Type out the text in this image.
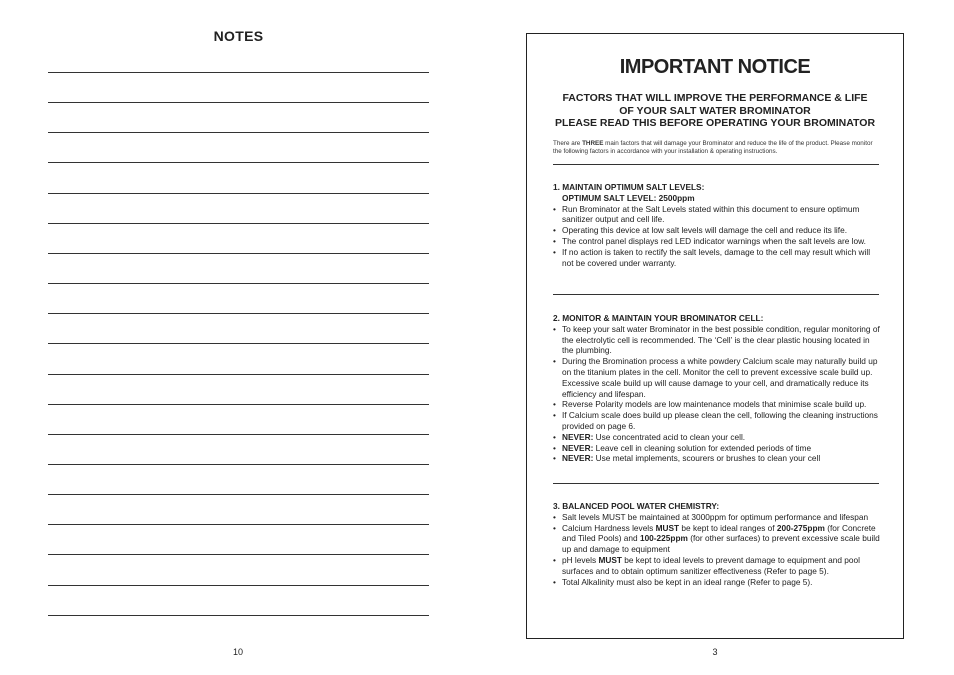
NOTES
10
IMPORTANT NOTICE
FACTORS THAT WILL IMPROVE THE PERFORMANCE & LIFE
OF YOUR SALT WATER BROMINATOR
PLEASE READ THIS BEFORE OPERATING YOUR BROMINATOR
There are THREE main factors that will damage your Brominator and reduce the life of the product. Please monitor the following factors in accordance with your installation & operating instructions.
1. MAINTAIN OPTIMUM SALT LEVELS:
OPTIMUM SALT LEVEL: 2500ppm
• Run Brominator at the Salt Levels stated within this document to ensure optimum sanitizer output and cell life.
• Operating this device at low salt levels will damage the cell and reduce its life.
• The control panel displays red LED indicator warnings when the salt levels are low.
• If no action is taken to rectify the salt levels, damage to the cell may result which will not be covered under warranty.
2. MONITOR & MAINTAIN YOUR BROMINATOR CELL:
• To keep your salt water Brominator in the best possible condition, regular monitoring of the electrolytic cell is recommended. The ‘Cell’ is the clear plastic housing located in the plumbing.
• During the Bromination process a white powdery Calcium scale may naturally build up on the titanium plates in the cell. Monitor the cell to prevent excessive scale build up. Excessive scale build up will cause damage to your cell, and dramatically reduce its efficiency and lifespan.
• Reverse Polarity models are low maintenance models that minimise scale build up.
• If Calcium scale does build up please clean the cell, following the cleaning instructions provided on page 6.
• NEVER: Use concentrated acid to clean your cell.
• NEVER: Leave cell in cleaning solution for extended periods of time
• NEVER: Use metal implements, scourers or brushes to clean your cell
3. BALANCED POOL WATER CHEMISTRY:
• Salt levels MUST be maintained at 3000ppm for optimum performance and lifespan
• Calcium Hardness levels MUST be kept to ideal ranges of 200-275ppm (for Concrete and Tiled Pools) and 100-225ppm (for other surfaces) to prevent excessive scale build up and damage to equipment
• pH levels MUST be kept to ideal levels to prevent damage to equipment and pool surfaces and to obtain optimum sanitizer effectiveness (Refer to page 5).
• Total Alkalinity must also be kept in an ideal range (Refer to page 5).
3
